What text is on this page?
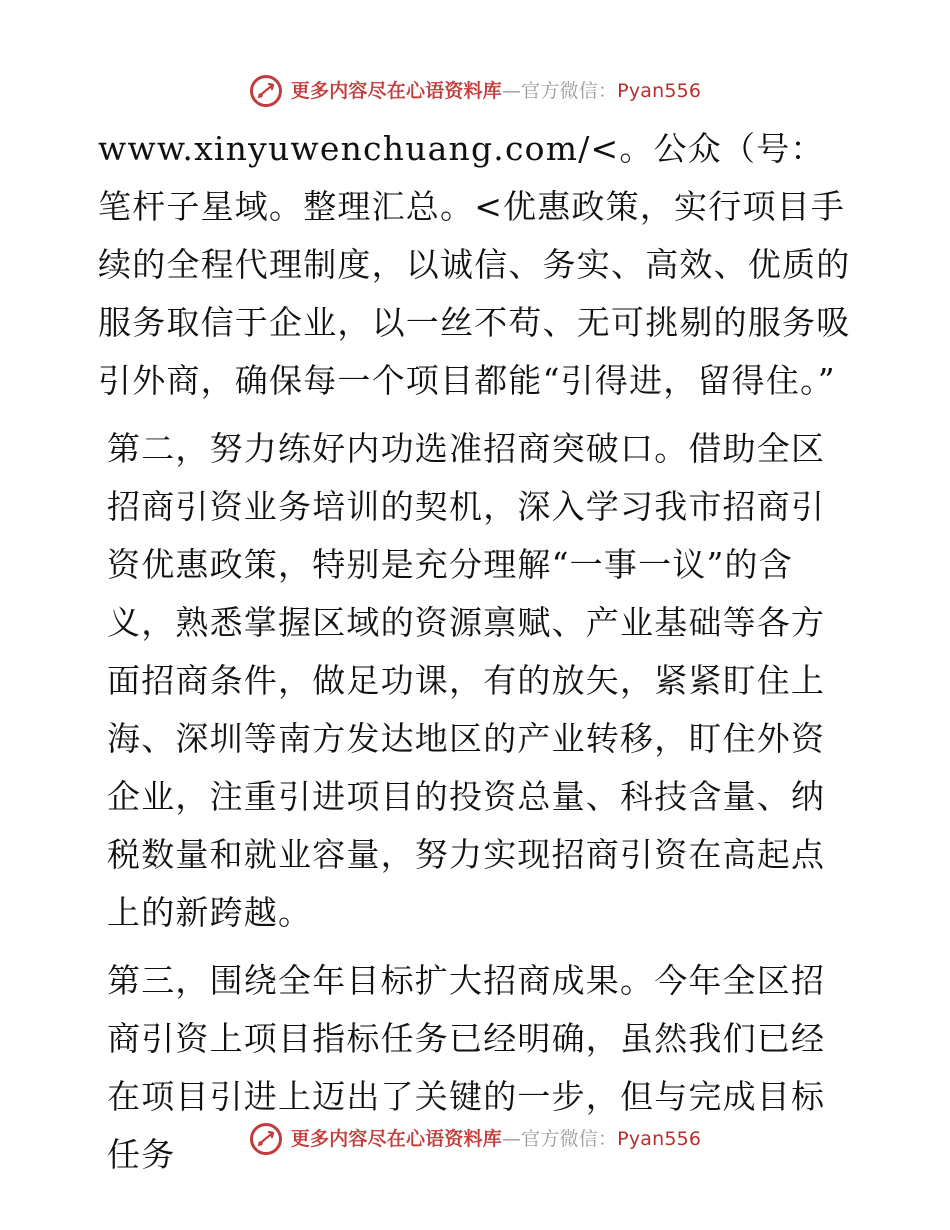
更多内容尽在心语资料库 — 官方微信 ： Pyan556

www.xinyuwenchuang.com/<。公众（号：笔杆子星域。整理汇总。<优惠政策，实行项目手续的全程代理制度，以诚信、务实、高效、优质的服务取信于企业，以一丝不苟、无可挑剔的服务吸引外商，确保每一个项目都能“引得进，留得住。”

第二，努力练好内功选准招商突破口。借助全区招商引资业务培训的契机，深入学习我市招商引资优惠政策，特别是充分理解“一事一议”的含义，熟悉掌握区域的资源禀赋、产业基础等各方面招商条件，做足功课，有的放矢，紧紧盯住上海、深圳等南方发达地区的产业转移，盯住外资企业，注重引进项目的投资总量、科技含量、纳税数量和就业容量，努力实现招商引资在高起点上的新跨越。

第三，围绕全年目标扩大招商成果。今年全区招商引资上项目指标任务已经明确，虽然我们已经在项目引进上迈出了关键的一步，但与完成目标任务	更多内容尽在心语资料库 — 官方微信 ： Pyan556
